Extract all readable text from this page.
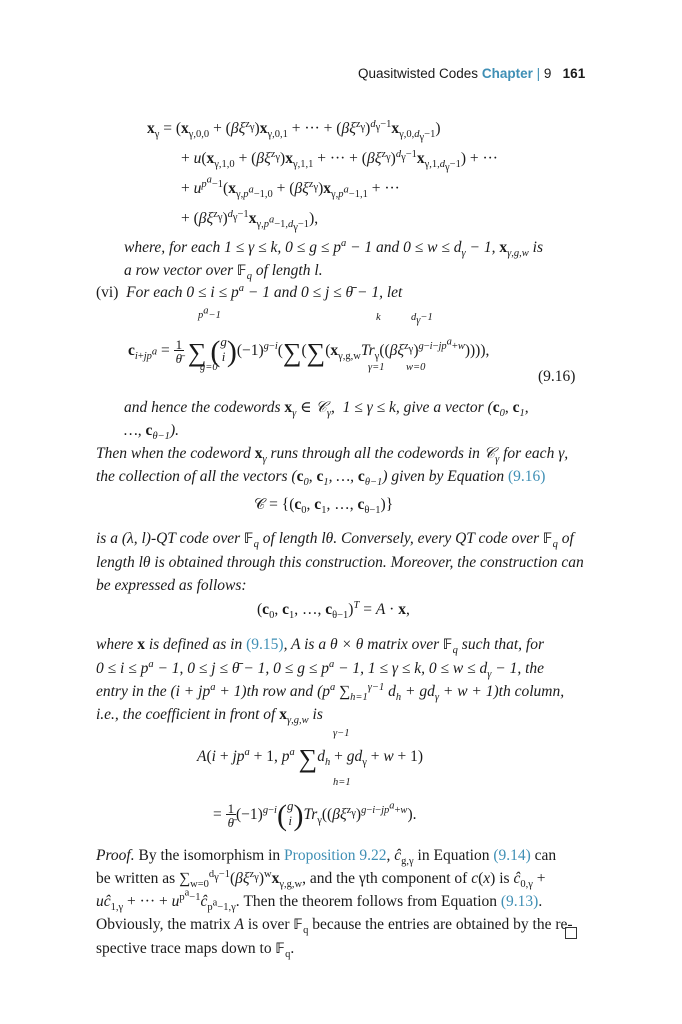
Quasitwisted Codes Chapter | 9 161
$x_\gamma = (x_{\gamma,0,0} + (\beta\xi^{z_\gamma})x_{\gamma,0,1}$ + ··· + $(\beta\xi^{z_\gamma})^{d_\gamma-1}x_{\gamma,0,d_\gamma-1}$)
+ $u(x_{\gamma,1,0} + (\beta\xi^{z_\gamma})x_{\gamma,1,1}$ + ··· + $(\beta\xi^{z_\gamma})^{d_\gamma-1}x_{\gamma,1,d_\gamma-1}$) + ···
+ $u^{p^a-1}(x_{\gamma,p^a-1,0} + (\beta\xi^{z_\gamma})x_{\gamma,p^a-1,1}$ + ···
+ $(\beta\xi^{z_\gamma})^{d_\gamma-1}x_{\gamma,p^a-1,d_\gamma-1}$),
where, for each 1 ≤ γ ≤ k, $0 \le g \le p^a - 1$ and $0 \le w \le d_\gamma - 1$, $x_{\gamma,g,w}$ is
a row vector over 𝔽$_q$ of length l.
(vi) For each $0 \le i \le p^a - 1$ and 0 ≤ j ≤ θ̄ − 1, let
$p^a-1$	k	$d_\gamma-1$
$c_{i+jp^a} = \frac{1}{\thetā}$ ∑ (g
$i)(-1)^{g-i}(\sum(\sum(x_{\gamma,g,w}Tr_\gamma((\beta\xi^{z_\gamma})^{g-i-jp^a+w}))))$,
g=0	γ=1 w=0
(9.16)
and hence the codewords $x_\gamma$ ∈ 𝒞$_\gamma$,  1 ≤ γ ≤ k, give a vector ($c_0$, $c_1$,
…, $c_{\theta-1}$).
Then when the codeword $x_\gamma$ runs through all the codewords in 𝒞$_\gamma$ for each γ,
the collection of all the vectors ($c_0$, $c_1$, …, $c_{\theta-1}$) given by Equation (9.16)
𝒞 = {($c_0$, $c_1$, …, $c_{\theta-1}$)}
is a (λ, l)-QT code over 𝔽$_q$ of length lθ. Conversely, every QT code over 𝔽$_q$ of
length lθ is obtained through this construction. Moreover, the construction can
be expressed as follows:
($c_0$, $c_1$, …, $c_{\theta-1})^T = A \cdot x$,
where x is defined as in (9.15), A is a θ × θ matrix over 𝔽$_q$ such that, for
$0 \le i \le p^a - 1$, 0 ≤ j ≤ θ̄ − 1, $0 \le g \le p^a - 1$, 1 ≤ γ ≤ k, $0 \le w \le d_\gamma - 1$, the
entry in the $(i + jp^a + 1)th$ row and ($p^a$ $\sum_{h=1}^{\gamma-1}$ $d_h + gd_\gamma + w + 1)th$ column,
i.e., the coefficient in front of $x_{\gamma,g,w}$ is
γ−1
$A(i + jp^a + 1$, $p^a$ $\sum d_h + gd_\gamma + w + 1$)
h=1
= $\frac{1}{\thetā}(-1)^{g-i}(g$
$i)Tr_\gamma((\beta\xi^{z_\gamma})^{g-i-jp^a+w})$.
Proof. By the isomorphism in Proposition 9.22, $ĉ_{g,\gamma}$ in Equation (9.14) can
be written as $\sum_{w=0}^{d_\gamma-1}(\beta\xi^{z_\gamma})^wx_{\gamma,g,w}$, and the γth component of c(x) is $ĉ_{0,\gamma}$ +
$uĉ_{1,\gamma}$ + ··· + $u^{p^a-1}ĉ_{p^a-1,\gamma}$. Then the theorem follows from Equation (9.13).
Obviously, the matrix A is over 𝔽$_q$ because the entries are obtained by the re-
spective trace maps down to 𝔽$_q$.
